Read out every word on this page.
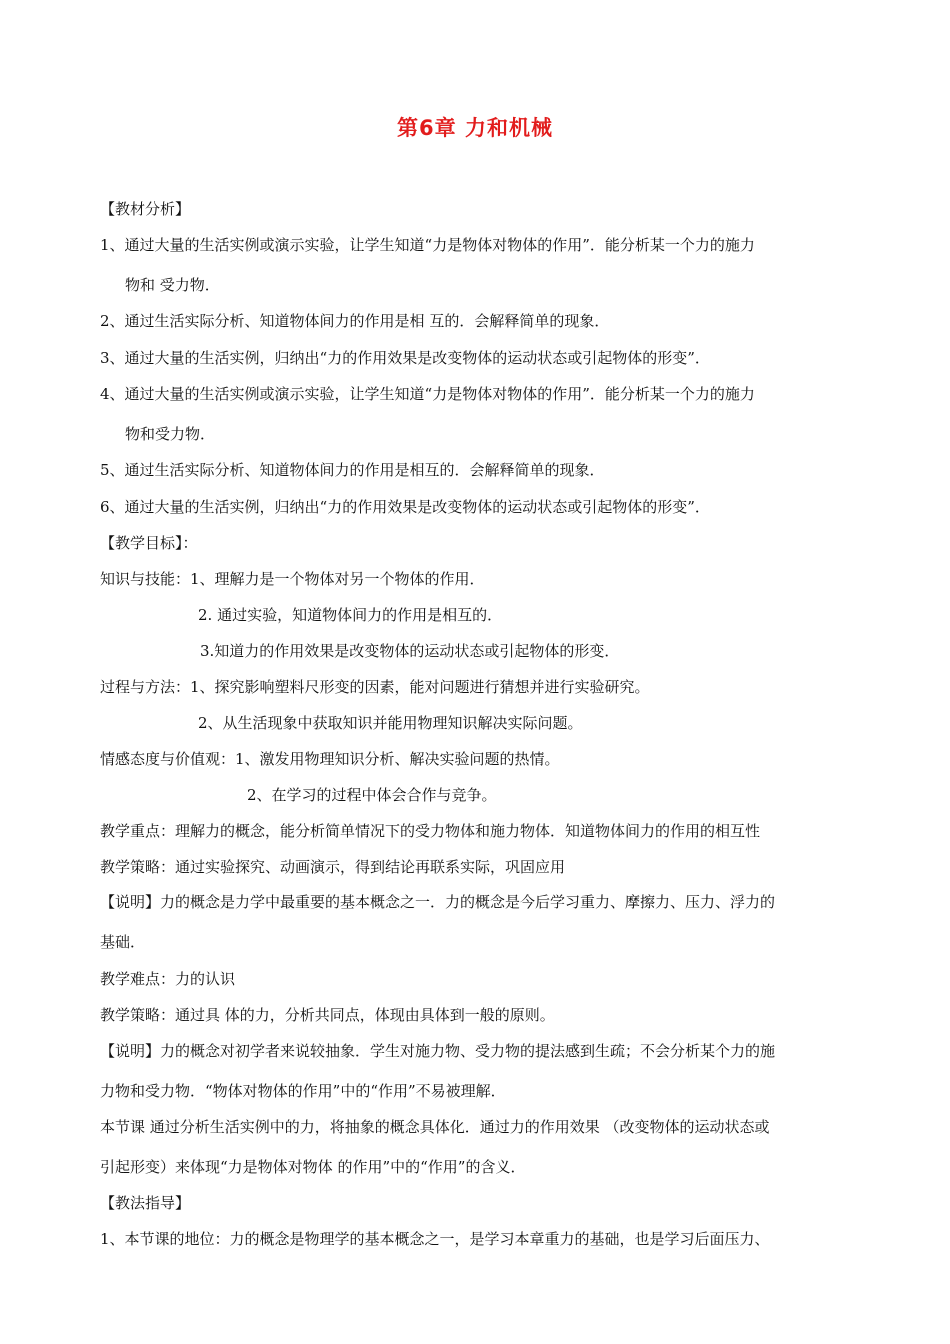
第6章 力和机械
【教材分析】
1、通过大量的生活实例或演示实验，让学生知道“力是物体对物体的作用”．能分析某一个力的施力
物和 受力物．
2、通过生活实际分析、知道物体间力的作用是相 互的．会解释简单的现象．
3、通过大量的生活实例，归纳出“力的作用效果是改变物体的运动状态或引起物体的形变”．
4、通过大量的生活实例或演示实验，让学生知道“力是物体对物体的作用”．能分析某一个力的施力
物和受力物．
5、通过生活实际分析、知道物体间力的作用是相互的．会解释简单的现象．
6、通过大量的生活实例，归纳出“力的作用效果是改变物体的运动状态或引起物体的形变”．
【教学目标】：
知识与技能：1、理解力是一个物体对另一个物体的作用．
2. 通过实验，知道物体间力的作用是相互的．
3.知道力的作用效果是改变物体的运动状态或引起物体的形变．
过程与方法：1、探究影响塑料尺形变的因素，能对问题进行猜想并进行实验研究。
2、从生活现象中获取知识并能用物理知识解决实际问题。
情感态度与价值观：1、激发用物理知识分析、解决实验问题的热情。
2、在学习的过程中体会合作与竞争。
教学重点：理解力的概念，能分析简单情况下的受力物体和施力物体．知道物体间力的作用的相互性
教学策略：通过实验探究、动画演示，得到结论再联系实际，巩固应用
【说明】力的概念是力学中最重要的基本概念之一．力的概念是今后学习重力、摩擦力、压力、浮力的
基础．
教学难点：力的认识
教学策略：通过具 体的力，分析共同点，体现由具体到一般的原则。
【说明】力的概念对初学者来说较抽象．学生对施力物、受力物的提法感到生疏；不会分析某个力的施
力物和受力物．“物体对物体的作用”中的“作用”不易被理解．
本节课 通过分析生活实例中的力，将抽象的概念具体化．通过力的作用效果 （改变物体的运动状态或
引起形变）来体现“力是物体对物体 的作用”中的“作用”的含义．
【教法指导】
1、本节课的地位：力的概念是物理学的基本概念之一，是学习本章重力的基础，也是学习后面压力、
